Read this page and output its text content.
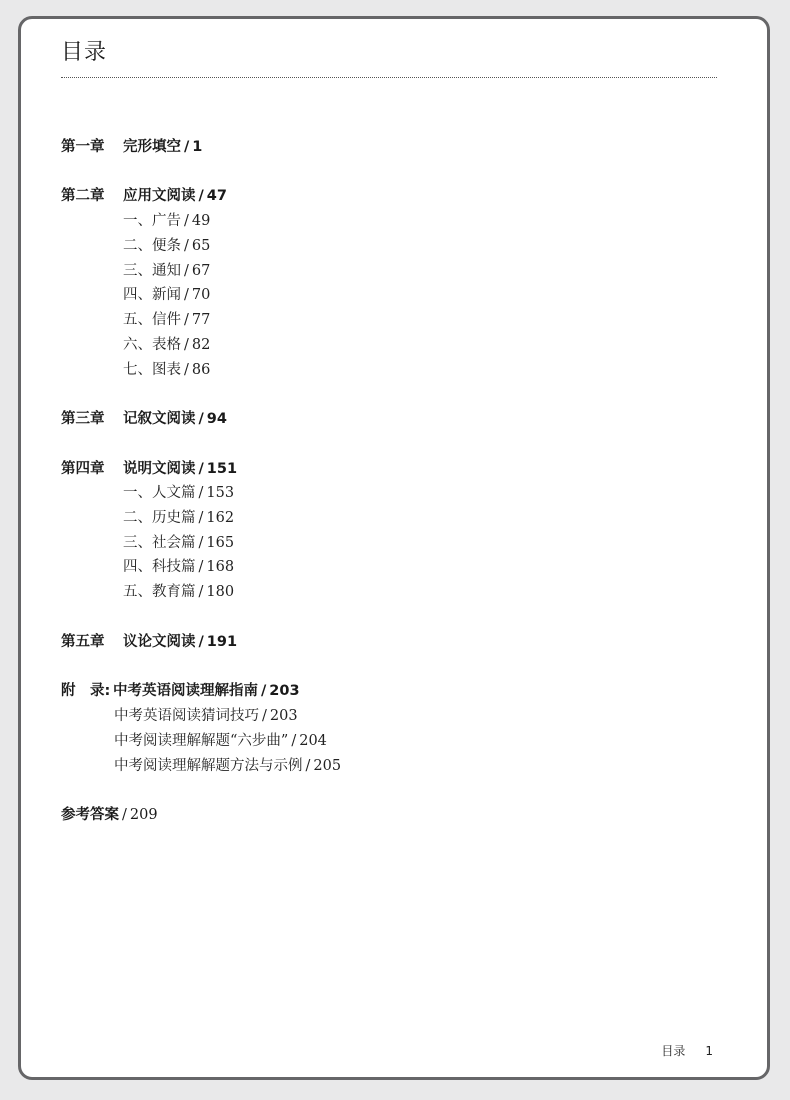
目录
第一章 完形填空 / 1
第二章 应用文阅读 / 47
一、广告 / 49
二、便条 / 65
三、通知 / 67
四、新闻 / 70
五、信件 / 77
六、表格 / 82
七、图表 / 86
第三章 记叙文阅读 / 94
第四章 说明文阅读 / 151
一、人文篇 / 153
二、历史篇 / 162
三、社会篇 / 165
四、科技篇 / 168
五、教育篇 / 180
第五章 议论文阅读 / 191
附　录: 中考英语阅读理解指南 / 203
中考英语阅读猜词技巧 / 203
中考阅读理解解题“六步曲” / 204
中考阅读理解解题方法与示例 / 205
参考答案 / 209
目录 1
